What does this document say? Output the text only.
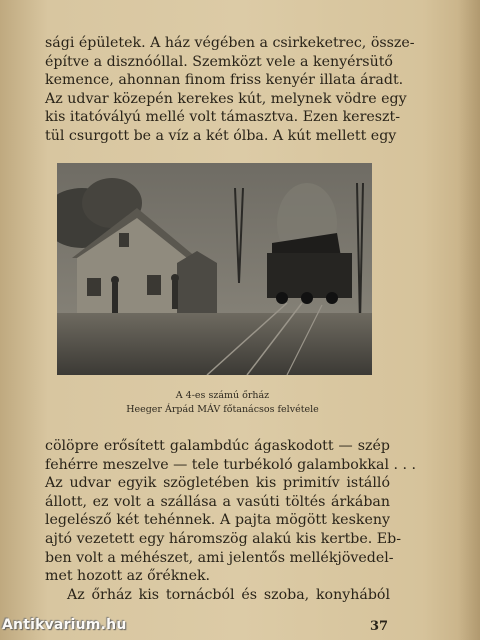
sági épületek. A ház végében a csirkeketrec, össze-
építve a disznóóllal. Szemközt vele a kenyérsütő
kemence, ahonnan finom friss kenyér illata áradt.
Az udvar közepén kerekes kút, melynek vödre egy
kis itatóvályú mellé volt támasztva. Ezen kereszt-
tül csurgott be a víz a két ólba. A kút mellett egy
A 4-es számú őrház
Heeger Árpád MÁV főtanácsos felvétele
cölöpre erősített galambdúc ágaskodott — szép
fehérre meszelve — tele turbékoló galambokkal . . .
Az udvar egyik szögletében kis primitív istálló
állott, ez volt a szállása a vasúti töltés árkában
legelésző két tehénnek. A pajta mögött keskeny
ajtó vezetett egy háromszög alakú kis kertbe. Eb-
ben volt a méhészet, ami jelentős mellékjövedel-
met hozott az őréknek.
Az őrház kis tornácból és szoba, konyhából
37
Antikvarium.hu
